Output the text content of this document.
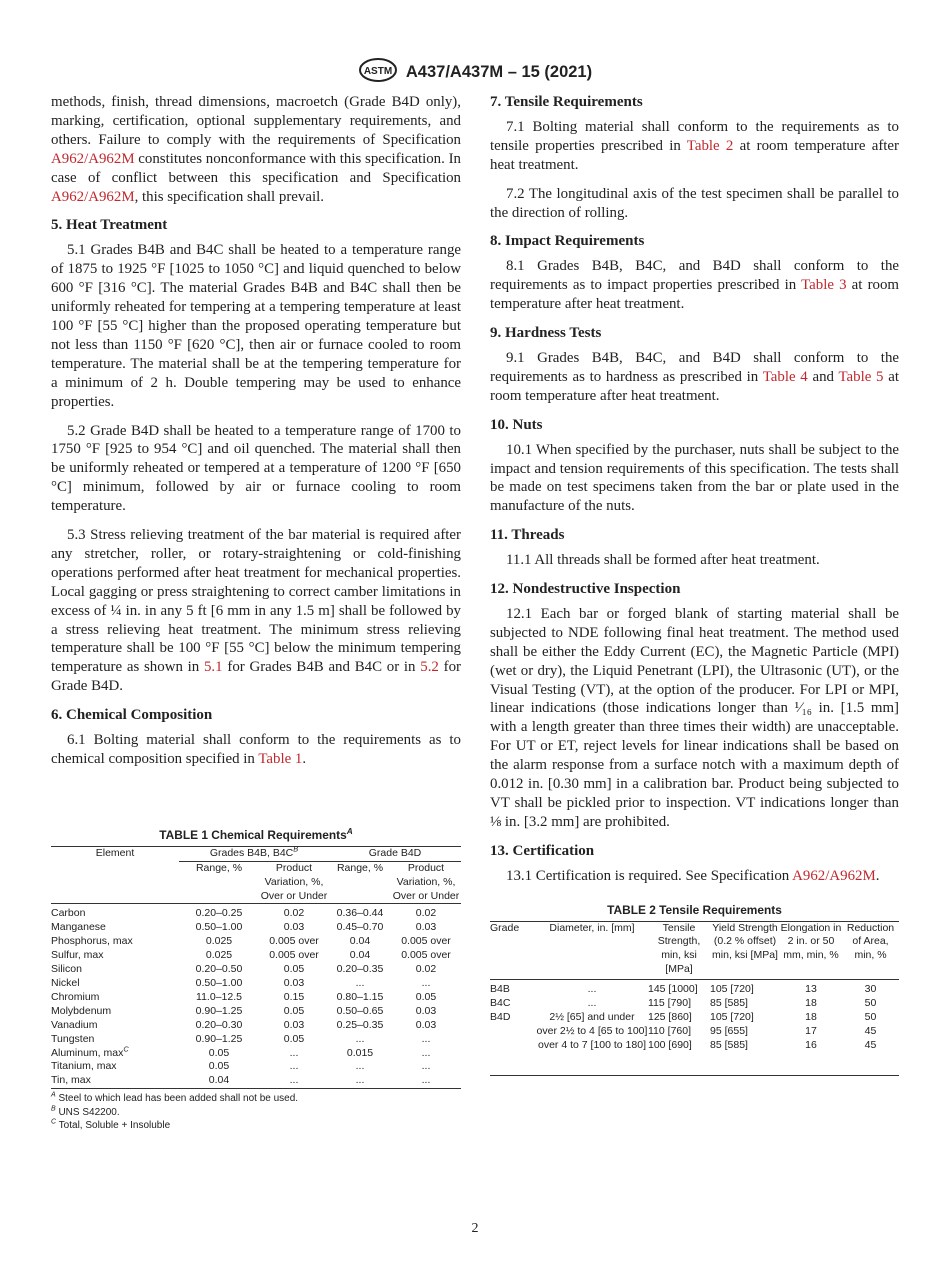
ASTM A437/A437M – 15 (2021)

methods, finish, thread dimensions, macroetch (Grade B4D only), marking, certification, optional supplementary requirements, and others. Failure to comply with the requirements of Specification A962/A962M constitutes nonconformance with this specification. In case of conflict between this specification and Specification A962/A962M, this specification shall prevail.

5. Heat Treatment

5.1 Grades B4B and B4C shall be heated to a temperature range of 1875 to 1925 °F [1025 to 1050 °C] and liquid quenched to below 600 °F [316 °C]. The material Grades B4B and B4C shall then be uniformly reheated for tempering at a tempering temperature at least 100 °F [55 °C] higher than the proposed operating temperature but not less than 1150 °F [620 °C], then air or furnace cooled to room temperature. The material shall be at the tempering temperature for a minimum of 2 h. Double tempering may be used to enhance properties.

5.2 Grade B4D shall be heated to a temperature range of 1700 to 1750 °F [925 to 954 °C] and oil quenched. The material shall then be uniformly reheated or tempered at a temperature of 1200 °F [650 °C] minimum, followed by air or furnace cooling to room temperature.

5.3 Stress relieving treatment of the bar material is required after any stretcher, roller, or rotary-straightening or cold-finishing operations performed after heat treatment for mechanical properties. Local gagging or press straightening to correct camber limitations in excess of ¼ in. in any 5 ft [6 mm in any 1.5 m] shall be followed by a stress relieving heat treatment. The minimum stress relieving temperature shall be 100 °F [55 °C] below the minimum tempering temperature as shown in 5.1 for Grades B4B and B4C or in 5.2 for Grade B4D.

6. Chemical Composition

6.1 Bolting material shall conform to the requirements as to chemical composition specified in Table 1.

TABLE 1 Chemical Requirements$^A$
Element	Grades B4B, $B4C^B$		Grade B4D	
	Range, %	Product Variation, %, Over or Under	Range, %	Product Variation, %, Over or Under
Carbon	0.20–0.25	0.02	0.36–0.44	0.02
Manganese	0.50–1.00	0.03	0.45–0.70	0.03
Phosphorus, max	0.025	0.005 over	0.04	0.005 over
Sulfur, max	0.025	0.005 over	0.04	0.005 over
Silicon	0.20–0.50	0.05	0.20–0.35	0.02
Nickel	0.50–1.00	0.03	...	...
Chromium	11.0–12.5	0.15	0.80–1.15	0.05
Molybdenum	0.90–1.25	0.05	0.50–0.65	0.03
Vanadium	0.20–0.30	0.03	0.25–0.35	0.03
Tungsten	0.90–1.25	0.05	...	...
Aluminum, $\max^C$	0.05	...	0.015	...
Titanium, max	0.05	...	...	...
Tin, max	0.04	...	...	...
$^A$ Steel to which lead has been added shall not be used.
$^B$ UNS S42200.
$^C$ Total, Soluble + Insoluble
7. Tensile Requirements

7.1 Bolting material shall conform to the requirements as to tensile properties prescribed in Table 2 at room temperature after heat treatment.

7.2 The longitudinal axis of the test specimen shall be parallel to the direction of rolling.

8. Impact Requirements

8.1 Grades B4B, B4C, and B4D shall conform to the requirements as to impact properties prescribed in Table 3 at room temperature after heat treatment.

9. Hardness Tests

9.1 Grades B4B, B4C, and B4D shall conform to the requirements as to hardness as prescribed in Table 4 and Table 5 at room temperature after heat treatment.

10. Nuts

10.1 When specified by the purchaser, nuts shall be subject to the impact and tension requirements of this specification. The tests shall be made on test specimens taken from the bar or plate used in the manufacture of the nuts.

11. Threads

11.1 All threads shall be formed after heat treatment.

12. Nondestructive Inspection

12.1 Each bar or forged blank of starting material shall be subjected to NDE following final heat treatment. The method used shall be either the Eddy Current (EC), the Magnetic Particle (MPI) (wet or dry), the Liquid Penetrant (LPI), the Ultrasonic (UT), or the Visual Testing (VT), at the option of the producer. For LPI or MPI, linear indications (those indications longer than ¹⁄₁₆ in. [1.5 mm] with a length greater than three times their width) are unacceptable. For UT or ET, reject levels for linear indications shall be based on the alarm response from a surface notch with a maximum depth of 0.012 in. [0.30 mm] in a calibration bar. Product being subjected to VT shall be pickled prior to inspection. VT indications longer than ⅛ in. [3.2 mm] are prohibited.

13. Certification

13.1 Certification is required. See Specification A962/A962M.

TABLE 2 Tensile Requirements
Grade	Diameter, in. [mm]	Tensile Strength, min, ksi [MPa]	Yield Strength (0.2 % offset) min, ksi [MPa]	Elongation in 2 in. or 50 mm, min, %	Reduction of Area, min, %
B4B	...	145 [1000]	105 [720]	13	30
B4C	...	115 [790]	85 [585]	18	50
B4D	2½ [65] and under	125 [860]	105 [720]	18	50
	over 2½ to 4 [65 to 100]	110 [760]	95 [655]	17	45
	over 4 to 7 [100 to 180]	100 [690]	85 [585]	16	45
2
